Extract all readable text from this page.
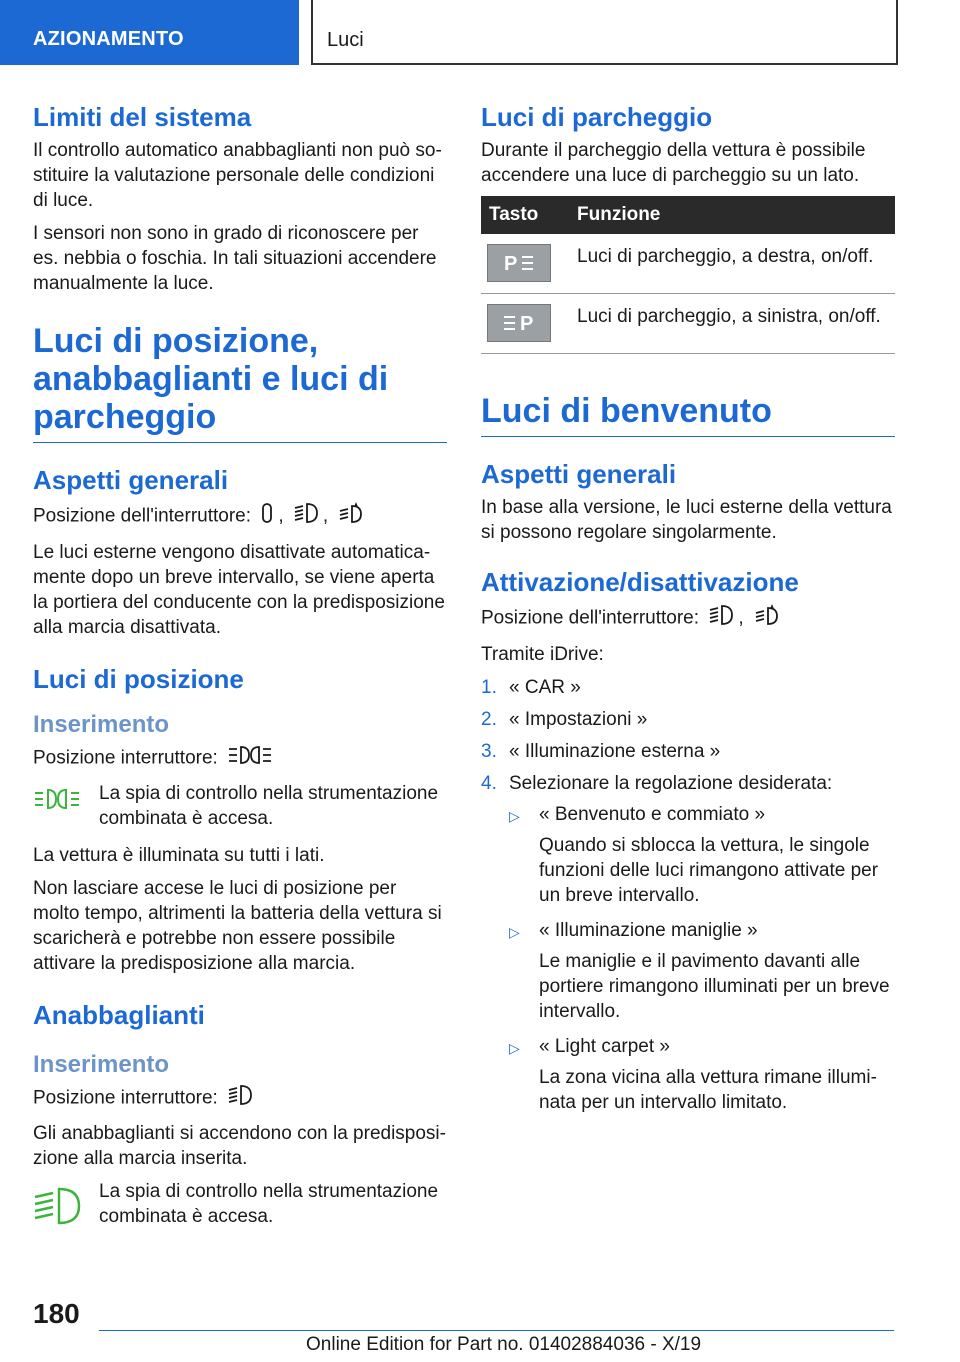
AZIONAMENTO	Luci
Limiti del sistema

Il controllo automatico anabbaglianti non può sostituire la valutazione personale delle condizioni di luce.

I sensori non sono in grado di riconoscere per es. nebbia o foschia. In tali situazioni accendere manualmente la luce.

Luci di posizione, anabbaglianti e luci di parcheggio
Aspetti generali

Posizione dell'interruttore: , ,

Le luci esterne vengono disattivate automaticamente dopo un breve intervallo, se viene aperta la portiera del conducente con la predisposizione alla marcia disattivata.

Luci di posizione
Inserimento

Posizione interruttore:

La spia di controllo nella strumentazione combinata è accesa.

La vettura è illuminata su tutti i lati.

Non lasciare accese le luci di posizione per molto tempo, altrimenti la batteria della vettura si scaricherà e potrebbe non essere possibile attivare la predisposizione alla marcia.

Anabbaglianti
Inserimento

Posizione interruttore:

Gli anabbaglianti si accendono con la predisposizione alla marcia inserita.

La spia di controllo nella strumentazione combinata è accesa.

Luci di parcheggio

Durante il parcheggio della vettura è possibile accendere una luce di parcheggio su un lato.

Tasto	Funzione

P	Luci di parcheggio, a destra, on/off.

P	Luci di parcheggio, a sinistra, on/off.
Luci di benvenuto
Aspetti generali

In base alla versione, le luci esterne della vettura si possono regolare singolarmente.

Attivazione/disattivazione

Posizione dell'interruttore: ,

Tramite iDrive:

1. « CAR »
2. « Impostazioni »
3. « Illuminazione esterna »
4. Selezionare la regolazione desiderata:
▷	« Benvenuto e commiato »

Quando si sblocca la vettura, le singole funzioni delle luci rimangono attivate per un breve intervallo.

▷	« Illuminazione maniglie »

Le maniglie e il pavimento davanti alle portiere rimangono illuminati per un breve intervallo.

▷	« Light carpet »

La zona vicina alla vettura rimane illuminata per un intervallo limitato.

180
Online Edition for Part no. 01402884036 - X/19
